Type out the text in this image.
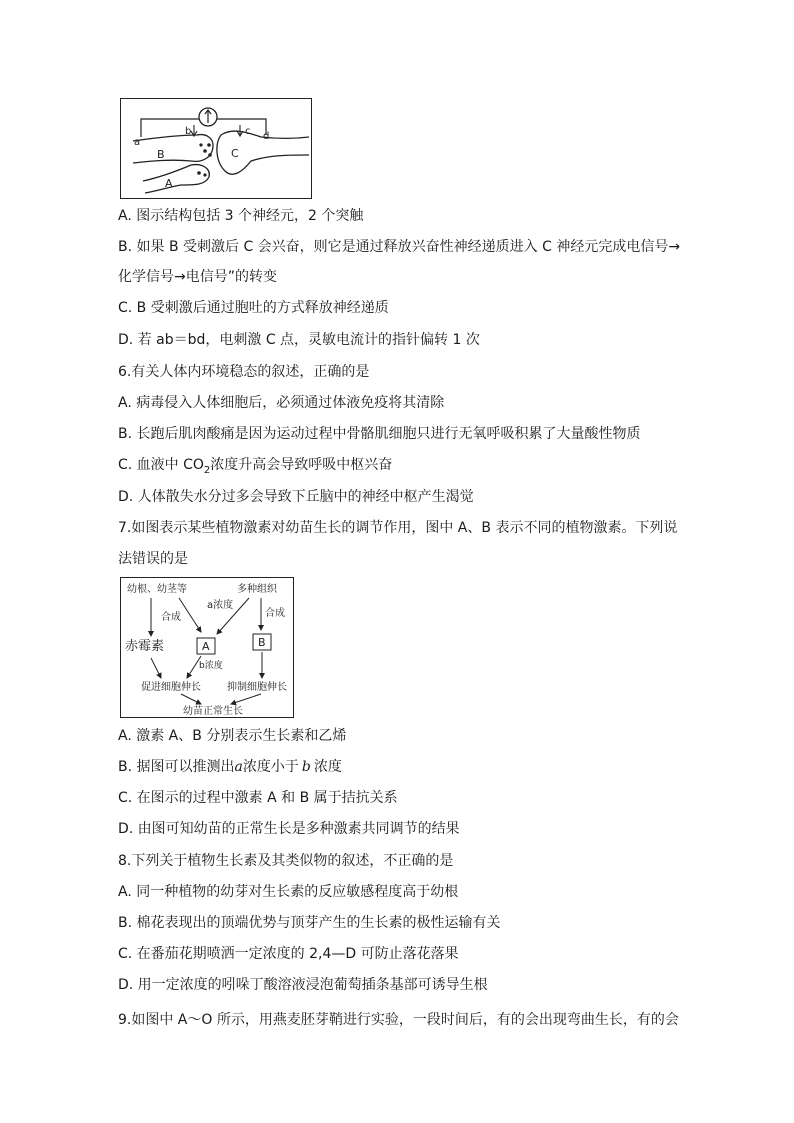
a
b	c d
B
A
C
A. 图示结构包括 3 个神经元，2 个突触
B. 如果 B 受刺激后 C 会兴奋，则它是通过释放兴奋性神经递质进入 C 神经元完成电信号→
化学信号→电信号”的转变
C. B 受刺激后通过胞吐的方式释放神经递质
D. 若 ab＝bd，电刺激 C 点，灵敏电流计的指针偏转 1 次
6.有关人体内环境稳态的叙述，正确的是
A. 病毒侵入人体细胞后，必须通过体液免疫将其清除
B. 长跑后肌肉酸痛是因为运动过程中骨骼肌细胞只进行无氧呼吸积累了大量酸性物质
C. 血液中 $CO_2$浓度升高会导致呼吸中枢兴奋
D. 人体散失水分过多会导致下丘脑中的神经中枢产生渴觉
7.如图表示某些植物激素对幼苗生长的调节作用，图中 A、B 表示不同的植物激素。下列说
法错误的是
幼根、幼茎等	多种组织
合成
a浓度
合成
赤霉素	A	B
b浓度
促进细胞伸长	抑制细胞伸长
幼苗正常生长
A. 激素 A、B 分别表示生长素和乙烯
B. 据图可以推测出a浓度小于 b 浓度
C. 在图示的过程中激素 A 和 B 属于拮抗关系
D. 由图可知幼苗的正常生长是多种激素共同调节的结果
8.下列关于植物生长素及其类似物的叙述，不正确的是
A. 同一种植物的幼芽对生长素的反应敏感程度高于幼根
B. 棉花表现出的顶端优势与顶芽产生的生长素的极性运输有关
C. 在番茄花期喷洒一定浓度的 2,4—D 可防止落花落果
D. 用一定浓度的吲哚丁酸溶液浸泡葡萄插条基部可诱导生根
9.如图中 A～O 所示，用燕麦胚芽鞘进行实验，一段时间后，有的会出现弯曲生长，有的会
